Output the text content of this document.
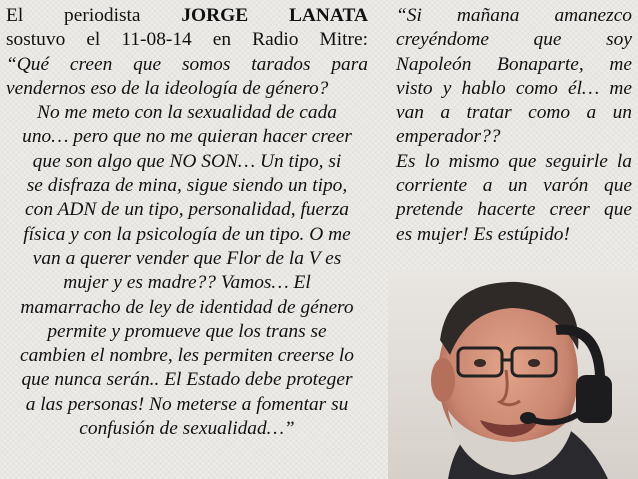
El periodista JORGE LANATA

sostuvo el 11-08-14 en Radio Mitre:

“Qué creen que somos tarados para

vendernos eso de la ideología de género?

No me meto con la sexualidad de cada

uno… pero que no me quieran hacer creer

que son algo que NO SON… Un tipo, si

se disfraza de mina, sigue siendo un tipo,

con ADN de un tipo, personalidad, fuerza

física y con la psicología de un tipo. O me

van a querer vender que Flor de la V es

mujer y es madre?? Vamos… El

mamarracho de ley de identidad de género

permite y promueve que los trans se

cambien el nombre, les permiten creerse lo

que nunca serán.. El Estado debe proteger

a las personas! No meterse a fomentar su

confusión de sexualidad…”

“Si mañana amanezco

creyéndome que soy

Napoleón Bonaparte, me

visto y hablo como él… me

van a tratar como a un

emperador??

Es lo mismo que seguirle la

corriente a un varón que

pretende hacerte creer que

es mujer! Es estúpido!
